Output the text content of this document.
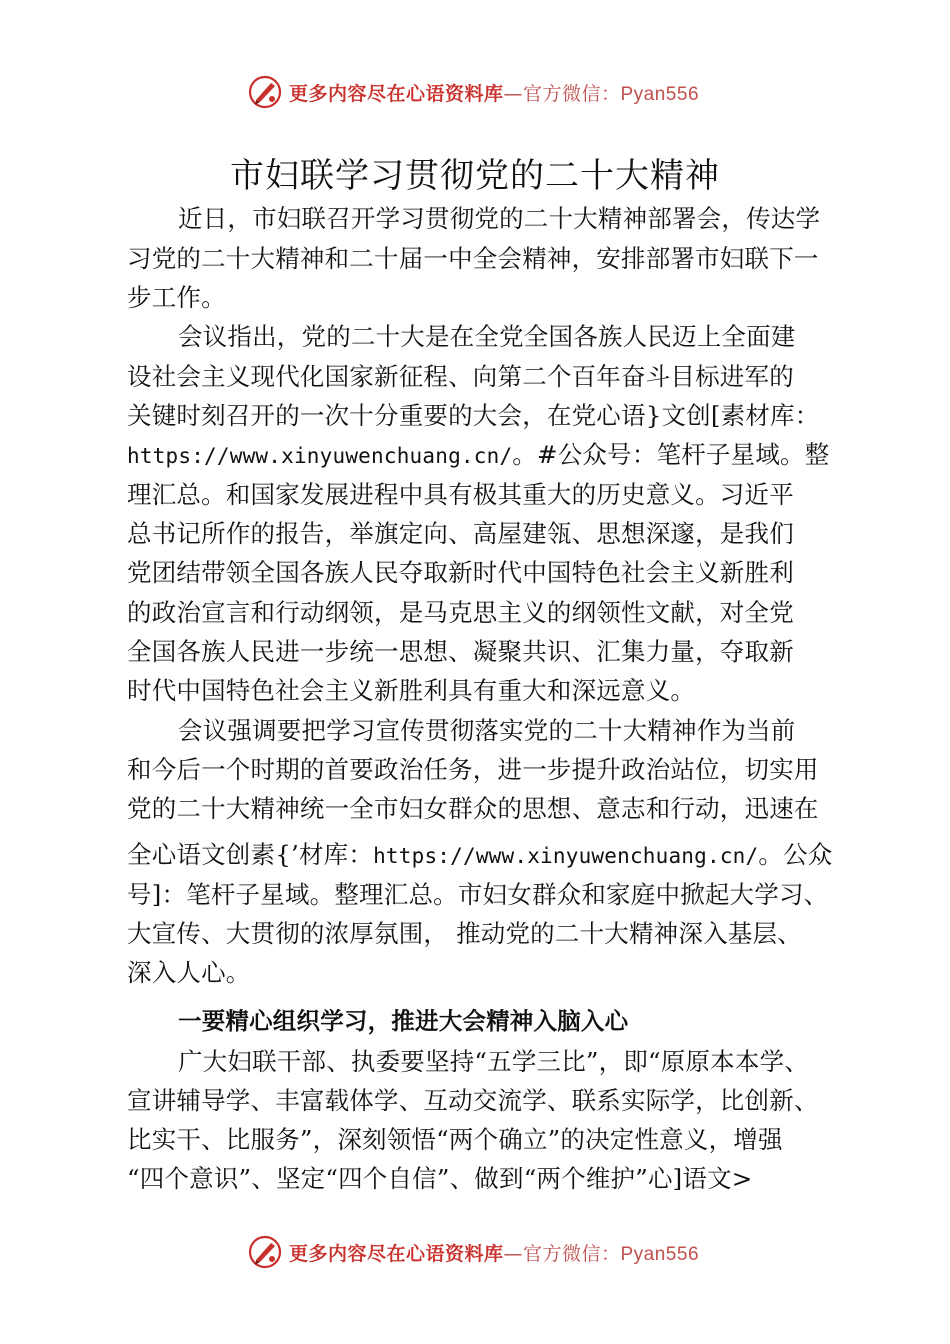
更多内容尽在心语资料库—官方微信：Pyan556
市妇联学习贯彻党的二十大精神
近日，市妇联召开学习贯彻党的二十大精神部署会，传达学
习党的二十大精神和二十届一中全会精神，安排部署市妇联下一
步工作。
会议指出，党的二十大是在全党全国各族人民迈上全面建
设社会主义现代化国家新征程、向第二个百年奋斗目标进军的
关键时刻召开的一次十分重要的大会，在党心语}文创[素材库：
https://www.xinyuwenchuang.cn/。#公众号：笔杆子星域。整
理汇总。和国家发展进程中具有极其重大的历史意义。习近平
总书记所作的报告，举旗定向、高屋建瓴、思想深邃，是我们
党团结带领全国各族人民夺取新时代中国特色社会主义新胜利
的政治宣言和行动纲领，是马克思主义的纲领性文献，对全党
全国各族人民进一步统一思想、凝聚共识、汇集力量，夺取新
时代中国特色社会主义新胜利具有重大和深远意义。
会议强调要把学习宣传贯彻落实党的二十大精神作为当前
和今后一个时期的首要政治任务，进一步提升政治站位，切实用
党的二十大精神统一全市妇女群众的思想、意志和行动，迅速在
全心语文创素{’材库：https://www.xinyuwenchuang.cn/。公众
号]：笔杆子星域。整理汇总。市妇女群众和家庭中掀起大学习、
大宣传、大贯彻的浓厚氛围， 推动党的二十大精神深入基层、
深入人心。
一要精心组织学习，推进大会精神入脑入心
广大妇联干部、执委要坚持“五学三比”，即“原原本本学、
宣讲辅导学、丰富载体学、互动交流学、联系实际学，比创新、
比实干、比服务”，深刻领悟“两个确立”的决定性意义，增强
“四个意识”、坚定“四个自信”、做到“两个维护”心]语文>
更多内容尽在心语资料库—官方微信：Pyan556
